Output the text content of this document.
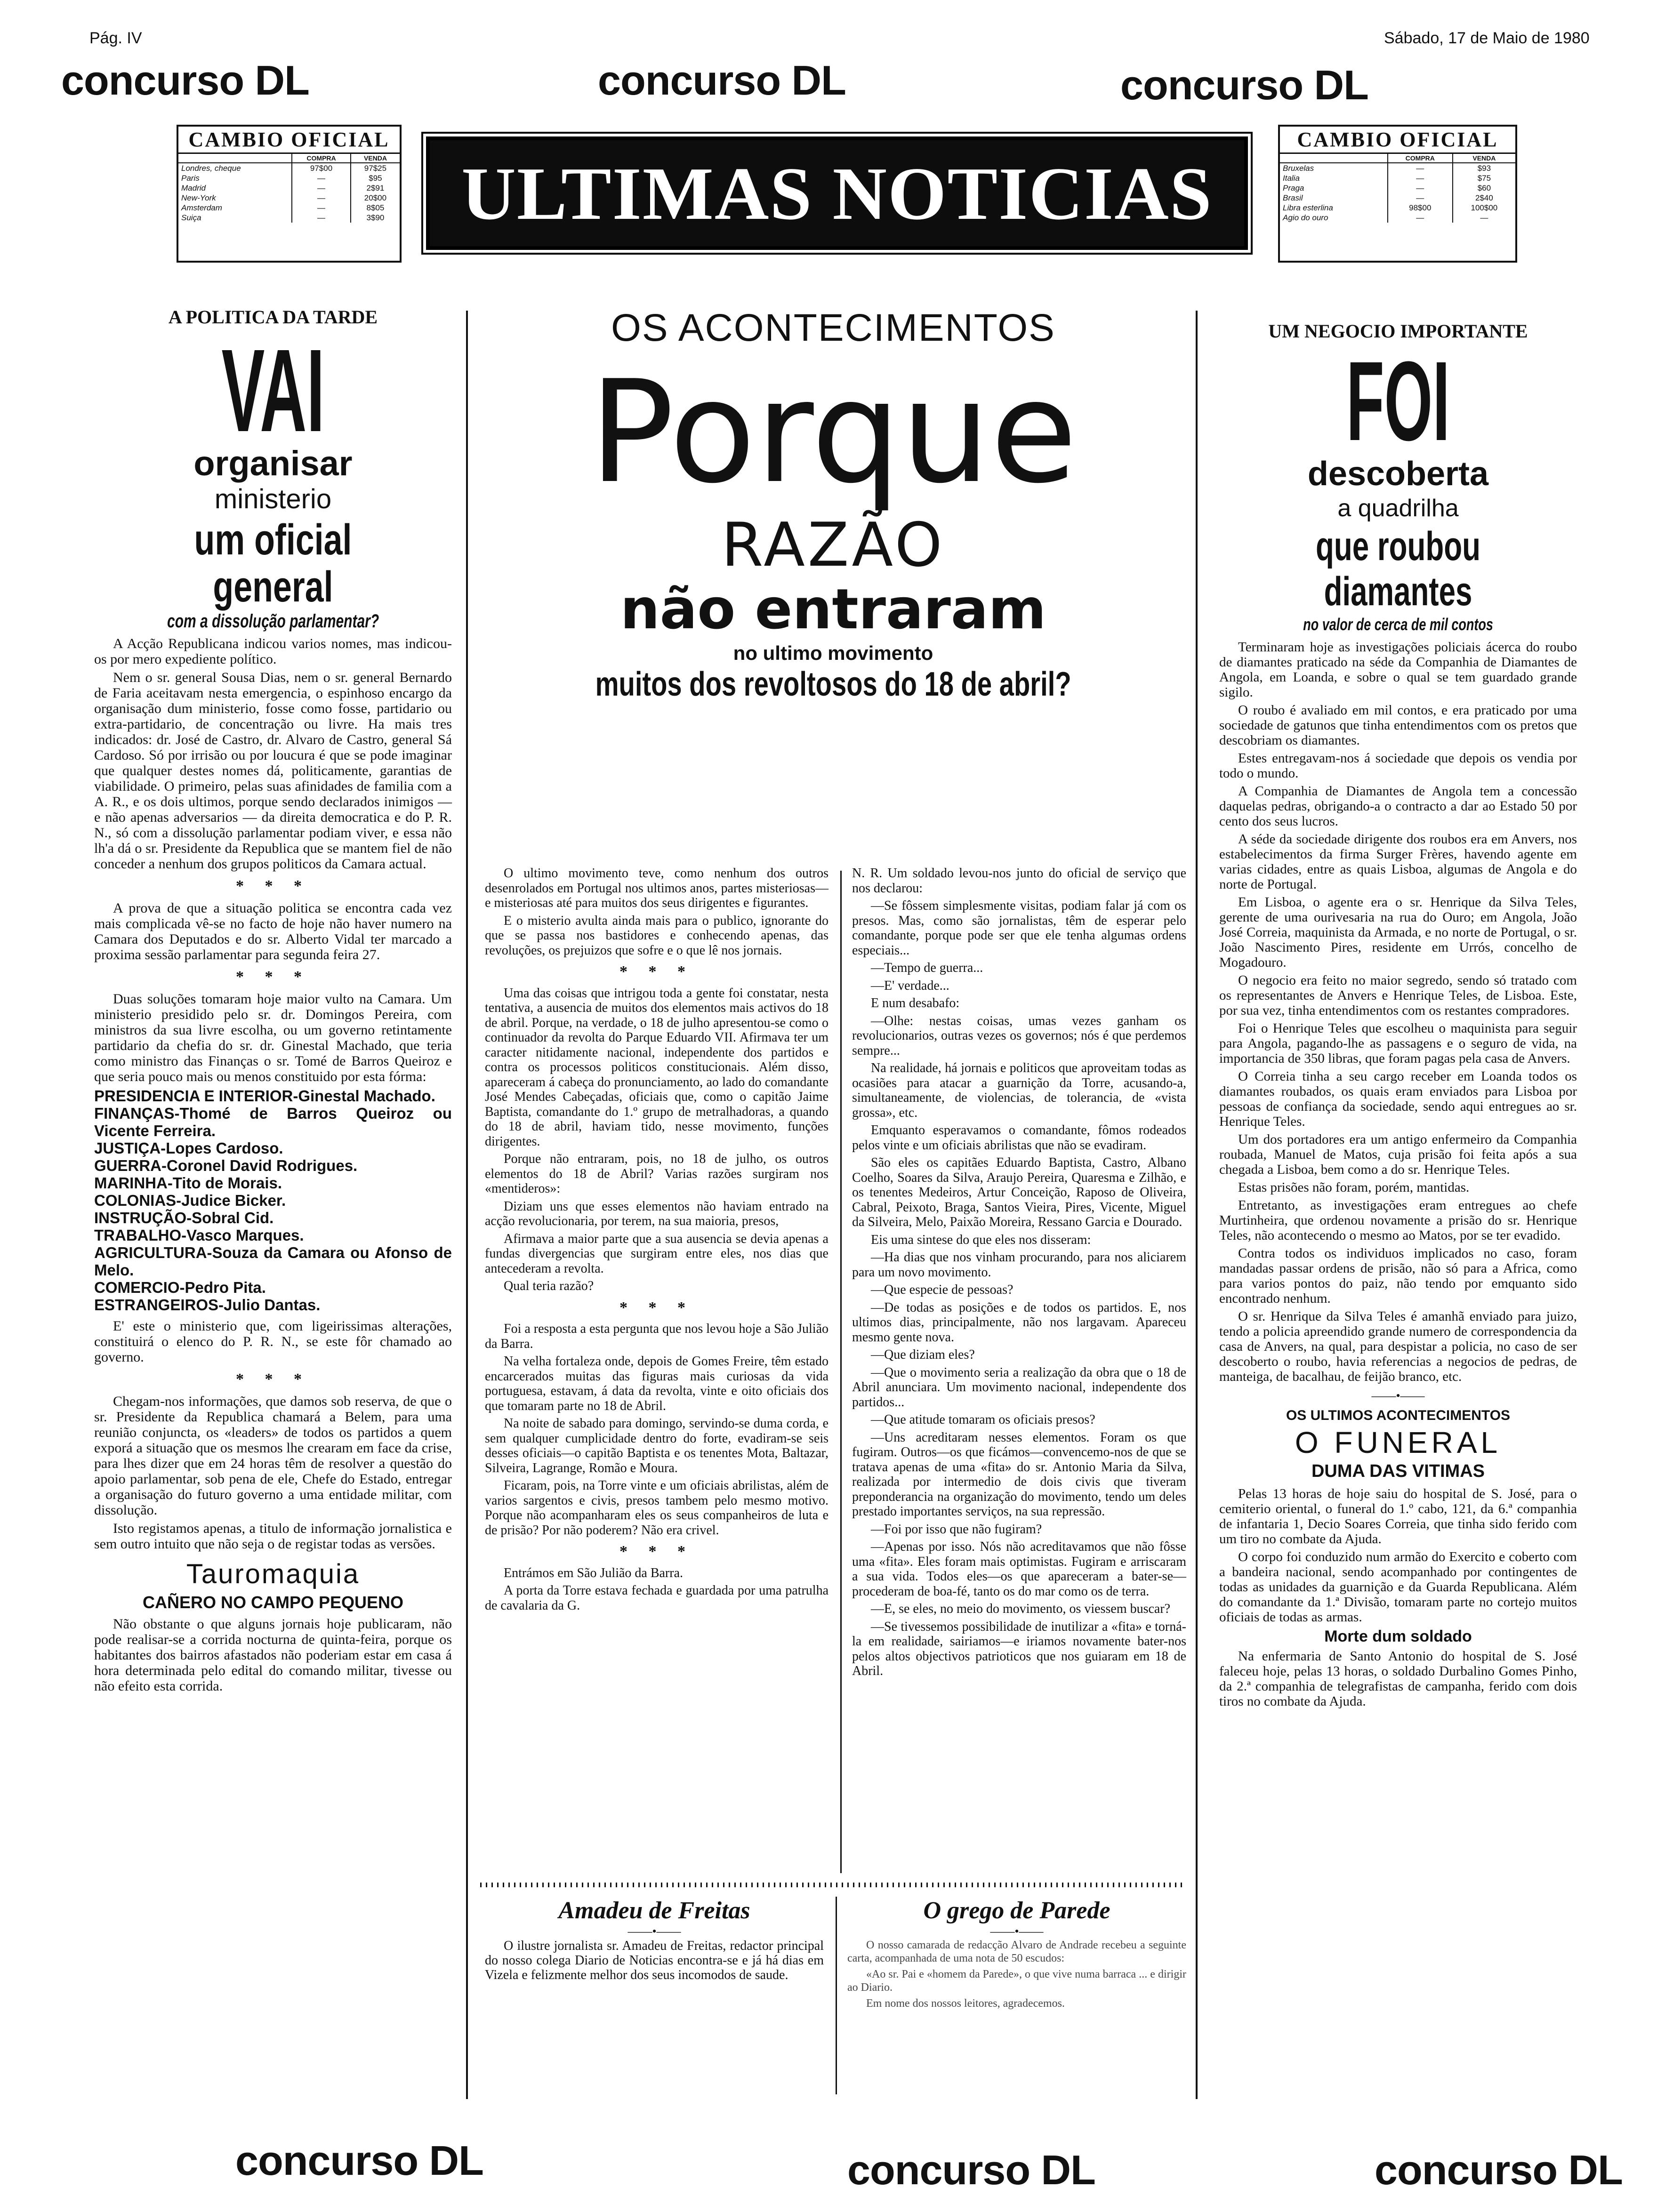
Pág. IV	Sábado, 17 de Maio de 1980
concurso DL	concurso DL	concurso DL
CAMBIO OFICIAL
	COMPRA	VENDA
Londres, cheque	97$00	97$25
Paris	—	$95
Madrid	—	2$91
New-York	—	20$00
Amsterdam	—	8$05
Suiça	—	3$90 ULTIMAS NOTICIAS
CAMBIO OFICIAL
	COMPRA	VENDA
Bruxelas	—	$93
Italia	—	$75
Praga	—	$60
Brasil	—	2$40
Libra esterlina	98$00	100$00
Agio do ouro	—	—
A POLITICA DA TARDE
VAI
organisar
ministerio
um oficial general
com a dissolução parlamentar?

A Acção Republicana indicou varios nomes, mas indicou-os por mero expediente político.

Nem o sr. general Sousa Dias, nem o sr. general Bernardo de Faria aceitavam nesta emergencia, o espinhoso encargo da organisação dum ministerio, fosse como fosse, partidario ou extra-partidario, de concentração ou livre. Ha mais tres indicados: dr. José de Castro, dr. Alvaro de Castro, general Sá Cardoso. Só por irrisão ou por loucura é que se pode imaginar que qualquer destes nomes dá, politicamente, garantias de viabilidade. O primeiro, pelas suas afinidades de familia com a A. R., e os dois ultimos, porque sendo declarados inimigos — e não apenas adversarios — da direita democratica e do P. R. N., só com a dissolução parlamentar podiam viver, e essa não lh'a dá o sr. Presidente da Republica que se mantem fiel de não conceder a nenhum dos grupos politicos da Camara actual.

* * *

A prova de que a situação politica se encontra cada vez mais complicada vê-se no facto de hoje não haver numero na Camara dos Deputados e do sr. Alberto Vidal ter marcado a proxima sessão parlamentar para segunda feira 27.

* * *

Duas soluções tomaram hoje maior vulto na Camara. Um ministerio presidido pelo sr. dr. Domingos Pereira, com ministros da sua livre escolha, ou um governo retintamente partidario da chefia do sr. dr. Ginestal Machado, que teria como ministro das Finanças o sr. Tomé de Barros Queiroz e que seria pouco mais ou menos constituido por esta fórma:

PRESIDENCIA E INTERIOR-Ginestal Machado.
FINANÇAS-Thomé de Barros Queiroz ou Vicente Ferreira.
JUSTIÇA-Lopes Cardoso.
GUERRA-Coronel David Rodrigues.
MARINHA-Tito de Morais.
COLONIAS-Judice Bicker.
INSTRUÇÃO-Sobral Cid.
TRABALHO-Vasco Marques.
AGRICULTURA-Souza da Camara ou Afonso de Melo.
COMERCIO-Pedro Pita.
ESTRANGEIROS-Julio Dantas.

E' este o ministerio que, com ligeirissimas alterações, constituirá o elenco do P. R. N., se este fôr chamado ao governo.

* * *

Chegam-nos informações, que damos sob reserva, de que o sr. Presidente da Republica chamará a Belem, para uma reunião conjuncta, os «leaders» de todos os partidos a quem exporá a situação que os mesmos lhe crearam em face da crise, para lhes dizer que em 24 horas têm de resolver a questão do apoio parlamentar, sob pena de ele, Chefe do Estado, entregar a organisação do futuro governo a uma entidade militar, com dissolução.

Isto registamos apenas, a titulo de informação jornalistica e sem outro intuito que não seja o de registar todas as versões.

Tauromaquia
CAÑERO NO CAMPO PEQUENO

Não obstante o que alguns jornais hoje publicaram, não pode realisar-se a corrida nocturna de quinta-feira, porque os habitantes dos bairros afastados não poderiam estar em casa á hora determinada pelo edital do comando militar, tivesse ou não efeito esta corrida.

OS ACONTECIMENTOS
Porque
RAZÃO
não entraram
no ultimo movimento
muitos dos revoltosos do 18 de abril?

O ultimo movimento teve, como nenhum dos outros desenrolados em Portugal nos ultimos anos, partes misteriosas—e misteriosas até para muitos dos seus dirigentes e figurantes.

E o misterio avulta ainda mais para o publico, ignorante do que se passa nos bastidores e conhecendo apenas, das revoluções, os prejuizos que sofre e o que lê nos jornais.

* * *

Uma das coisas que intrigou toda a gente foi constatar, nesta tentativa, a ausencia de muitos dos elementos mais activos do 18 de abril. Porque, na verdade, o 18 de julho apresentou-se como o continuador da revolta do Parque Eduardo VII. Afirmava ter um caracter nitidamente nacional, independente dos partidos e contra os processos politicos constitucionais. Além disso, apareceram á cabeça do pronunciamento, ao lado do comandante José Mendes Cabeçadas, oficiais que, como o capitão Jaime Baptista, comandante do 1.º grupo de metralhadoras, a quando do 18 de abril, haviam tido, nesse movimento, funções dirigentes.

Porque não entraram, pois, no 18 de julho, os outros elementos do 18 de Abril? Varias razões surgiram nos «mentideros»:

Diziam uns que esses elementos não haviam entrado na acção revolucionaria, por terem, na sua maioria, presos,

Afirmava a maior parte que a sua ausencia se devia apenas a fundas divergencias que surgiram entre eles, nos dias que antecederam a revolta.

Qual teria razão?

* * *

Foi a resposta a esta pergunta que nos levou hoje a São Julião da Barra.

Na velha fortaleza onde, depois de Gomes Freire, têm estado encarcerados muitas das figuras mais curiosas da vida portuguesa, estavam, á data da revolta, vinte e oito oficiais dos que tomaram parte no 18 de Abril.

Na noite de sabado para domingo, servindo-se duma corda, e sem qualquer cumplicidade dentro do forte, evadiram-se seis desses oficiais—o capitão Baptista e os tenentes Mota, Baltazar, Silveira, Lagrange, Romão e Moura.

Ficaram, pois, na Torre vinte e um oficiais abrilistas, além de varios sargentos e civis, presos tambem pelo mesmo motivo. Porque não acompanharam eles os seus companheiros de luta e de prisão? Por não poderem? Não era crivel.

* * *

Entrámos em São Julião da Barra.

A porta da Torre estava fechada e guardada por uma patrulha de cavalaria da G.

N. R. Um soldado levou-nos junto do oficial de serviço que nos declarou:

—Se fôssem simplesmente visitas, podiam falar já com os presos. Mas, como são jornalistas, têm de esperar pelo comandante, porque pode ser que ele tenha algumas ordens especiais...

—Tempo de guerra...

—E' verdade...

E num desabafo:

—Olhe: nestas coisas, umas vezes ganham os revolucionarios, outras vezes os governos; nós é que perdemos sempre...

Na realidade, há jornais e politicos que aproveitam todas as ocasiões para atacar a guarnição da Torre, acusando-a, simultaneamente, de violencias, de tolerancia, de «vista grossa», etc.

Emquanto esperavamos o comandante, fômos rodeados pelos vinte e um oficiais abrilistas que não se evadiram.

São eles os capitães Eduardo Baptista, Castro, Albano Coelho, Soares da Silva, Araujo Pereira, Quaresma e Zilhão, e os tenentes Medeiros, Artur Conceição, Raposo de Oliveira, Cabral, Peixoto, Braga, Santos Vieira, Pires, Vicente, Miguel da Silveira, Melo, Paixão Moreira, Ressano Garcia e Dourado.

Eis uma sintese do que eles nos disseram:

—Ha dias que nos vinham procurando, para nos aliciarem para um novo movimento.

—Que especie de pessoas?

—De todas as posições e de todos os partidos. E, nos ultimos dias, principalmente, não nos largavam. Apareceu mesmo gente nova.

—Que diziam eles?

—Que o movimento seria a realização da obra que o 18 de Abril anunciara. Um movimento nacional, independente dos partidos...

—Que atitude tomaram os oficiais presos?

—Uns acreditaram nesses elementos. Foram os que fugiram. Outros—os que ficámos—convencemo-nos de que se tratava apenas de uma «fita» do sr. Antonio Maria da Silva, realizada por intermedio de dois civis que tiveram preponderancia na organização do movimento, tendo um deles prestado importantes serviços, na sua repressão.

—Foi por isso que não fugiram?

—Apenas por isso. Nós não acreditavamos que não fôsse uma «fita». Eles foram mais optimistas. Fugiram e arriscaram a sua vida. Todos eles—os que apareceram a bater-se—procederam de boa-fé, tanto os do mar como os de terra.

—E, se eles, no meio do movimento, os viessem buscar?

—Se tivessemos possibilidade de inutilizar a «fita» e torná-la em realidade, sairiamos—e iriamos novamente bater-nos pelos altos objectivos patrioticos que nos guiaram em 18 de Abril.

Amadeu de Freitas
——•——

O ilustre jornalista sr. Amadeu de Freitas, redactor principal do nosso colega Diario de Noticias encontra-se e já há dias em Vizela e felizmente melhor dos seus incomodos de saude.

O grego de Parede
——•——

O nosso camarada de redacção Alvaro de Andrade recebeu a seguinte carta, acompanhada de uma nota de 50 escudos:

«Ao sr. Pai e «homem da Parede», o que vive numa barraca ... e dirigir ao Diario.

Em nome dos nossos leitores, agradecemos.

UM NEGOCIO IMPORTANTE
FOI
descoberta
a quadrilha
que roubou diamantes
no valor de cerca de mil contos

Terminaram hoje as investigações policiais ácerca do roubo de diamantes praticado na séde da Companhia de Diamantes de Angola, em Loanda, e sobre o qual se tem guardado grande sigilo.

O roubo é avaliado em mil contos, e era praticado por uma sociedade de gatunos que tinha entendimentos com os pretos que descobriam os diamantes.

Estes entregavam-nos á sociedade que depois os vendia por todo o mundo.

A Companhia de Diamantes de Angola tem a concessão daquelas pedras, obrigando-a o contracto a dar ao Estado 50 por cento dos seus lucros.

A séde da sociedade dirigente dos roubos era em Anvers, nos estabelecimentos da firma Surger Frères, havendo agente em varias cidades, entre as quais Lisboa, algumas de Angola e do norte de Portugal.

Em Lisboa, o agente era o sr. Henrique da Silva Teles, gerente de uma ourivesaria na rua do Ouro; em Angola, João José Correia, maquinista da Armada, e no norte de Portugal, o sr. João Nascimento Pires, residente em Urrós, concelho de Mogadouro.

O negocio era feito no maior segredo, sendo só tratado com os representantes de Anvers e Henrique Teles, de Lisboa. Este, por sua vez, tinha entendimentos com os restantes compradores.

Foi o Henrique Teles que escolheu o maquinista para seguir para Angola, pagando-lhe as passagens e o seguro de vida, na importancia de 350 libras, que foram pagas pela casa de Anvers.

O Correia tinha a seu cargo receber em Loanda todos os diamantes roubados, os quais eram enviados para Lisboa por pessoas de confiança da sociedade, sendo aqui entregues ao sr. Henrique Teles.

Um dos portadores era um antigo enfermeiro da Companhia roubada, Manuel de Matos, cuja prisão foi feita após a sua chegada a Lisboa, bem como a do sr. Henrique Teles.

Estas prisões não foram, porém, mantidas.

Entretanto, as investigações eram entregues ao chefe Murtinheira, que ordenou novamente a prisão do sr. Henrique Teles, não acontecendo o mesmo ao Matos, por se ter evadido.

Contra todos os individuos implicados no caso, foram mandadas passar ordens de prisão, não só para a Africa, como para varios pontos do paiz, não tendo por emquanto sido encontrado nenhum.

O sr. Henrique da Silva Teles é amanhã enviado para juizo, tendo a policia apreendido grande numero de correspondencia da casa de Anvers, na qual, para despistar a policia, no caso de ser descoberto o roubo, havia referencias a negocios de pedras, de manteiga, de bacalhau, de feijão branco, etc.

——•——
OS ULTIMOS ACONTECIMENTOS
O FUNERAL
DUMA DAS VITIMAS

Pelas 13 horas de hoje saiu do hospital de S. José, para o cemiterio oriental, o funeral do 1.º cabo, 121, da 6.ª companhia de infantaria 1, Decio Soares Correia, que tinha sido ferido com um tiro no combate da Ajuda.

O corpo foi conduzido num armão do Exercito e coberto com a bandeira nacional, sendo acompanhado por contingentes de todas as unidades da guarnição e da Guarda Republicana. Além do comandante da 1.ª Divisão, tomaram parte no cortejo muitos oficiais de todas as armas.

Morte dum soldado

Na enfermaria de Santo Antonio do hospital de S. José faleceu hoje, pelas 13 horas, o soldado Durbalino Gomes Pinho, da 2.ª companhia de telegrafistas de campanha, ferido com dois tiros no combate da Ajuda.

concurso DL	concurso DL	concurso DL
